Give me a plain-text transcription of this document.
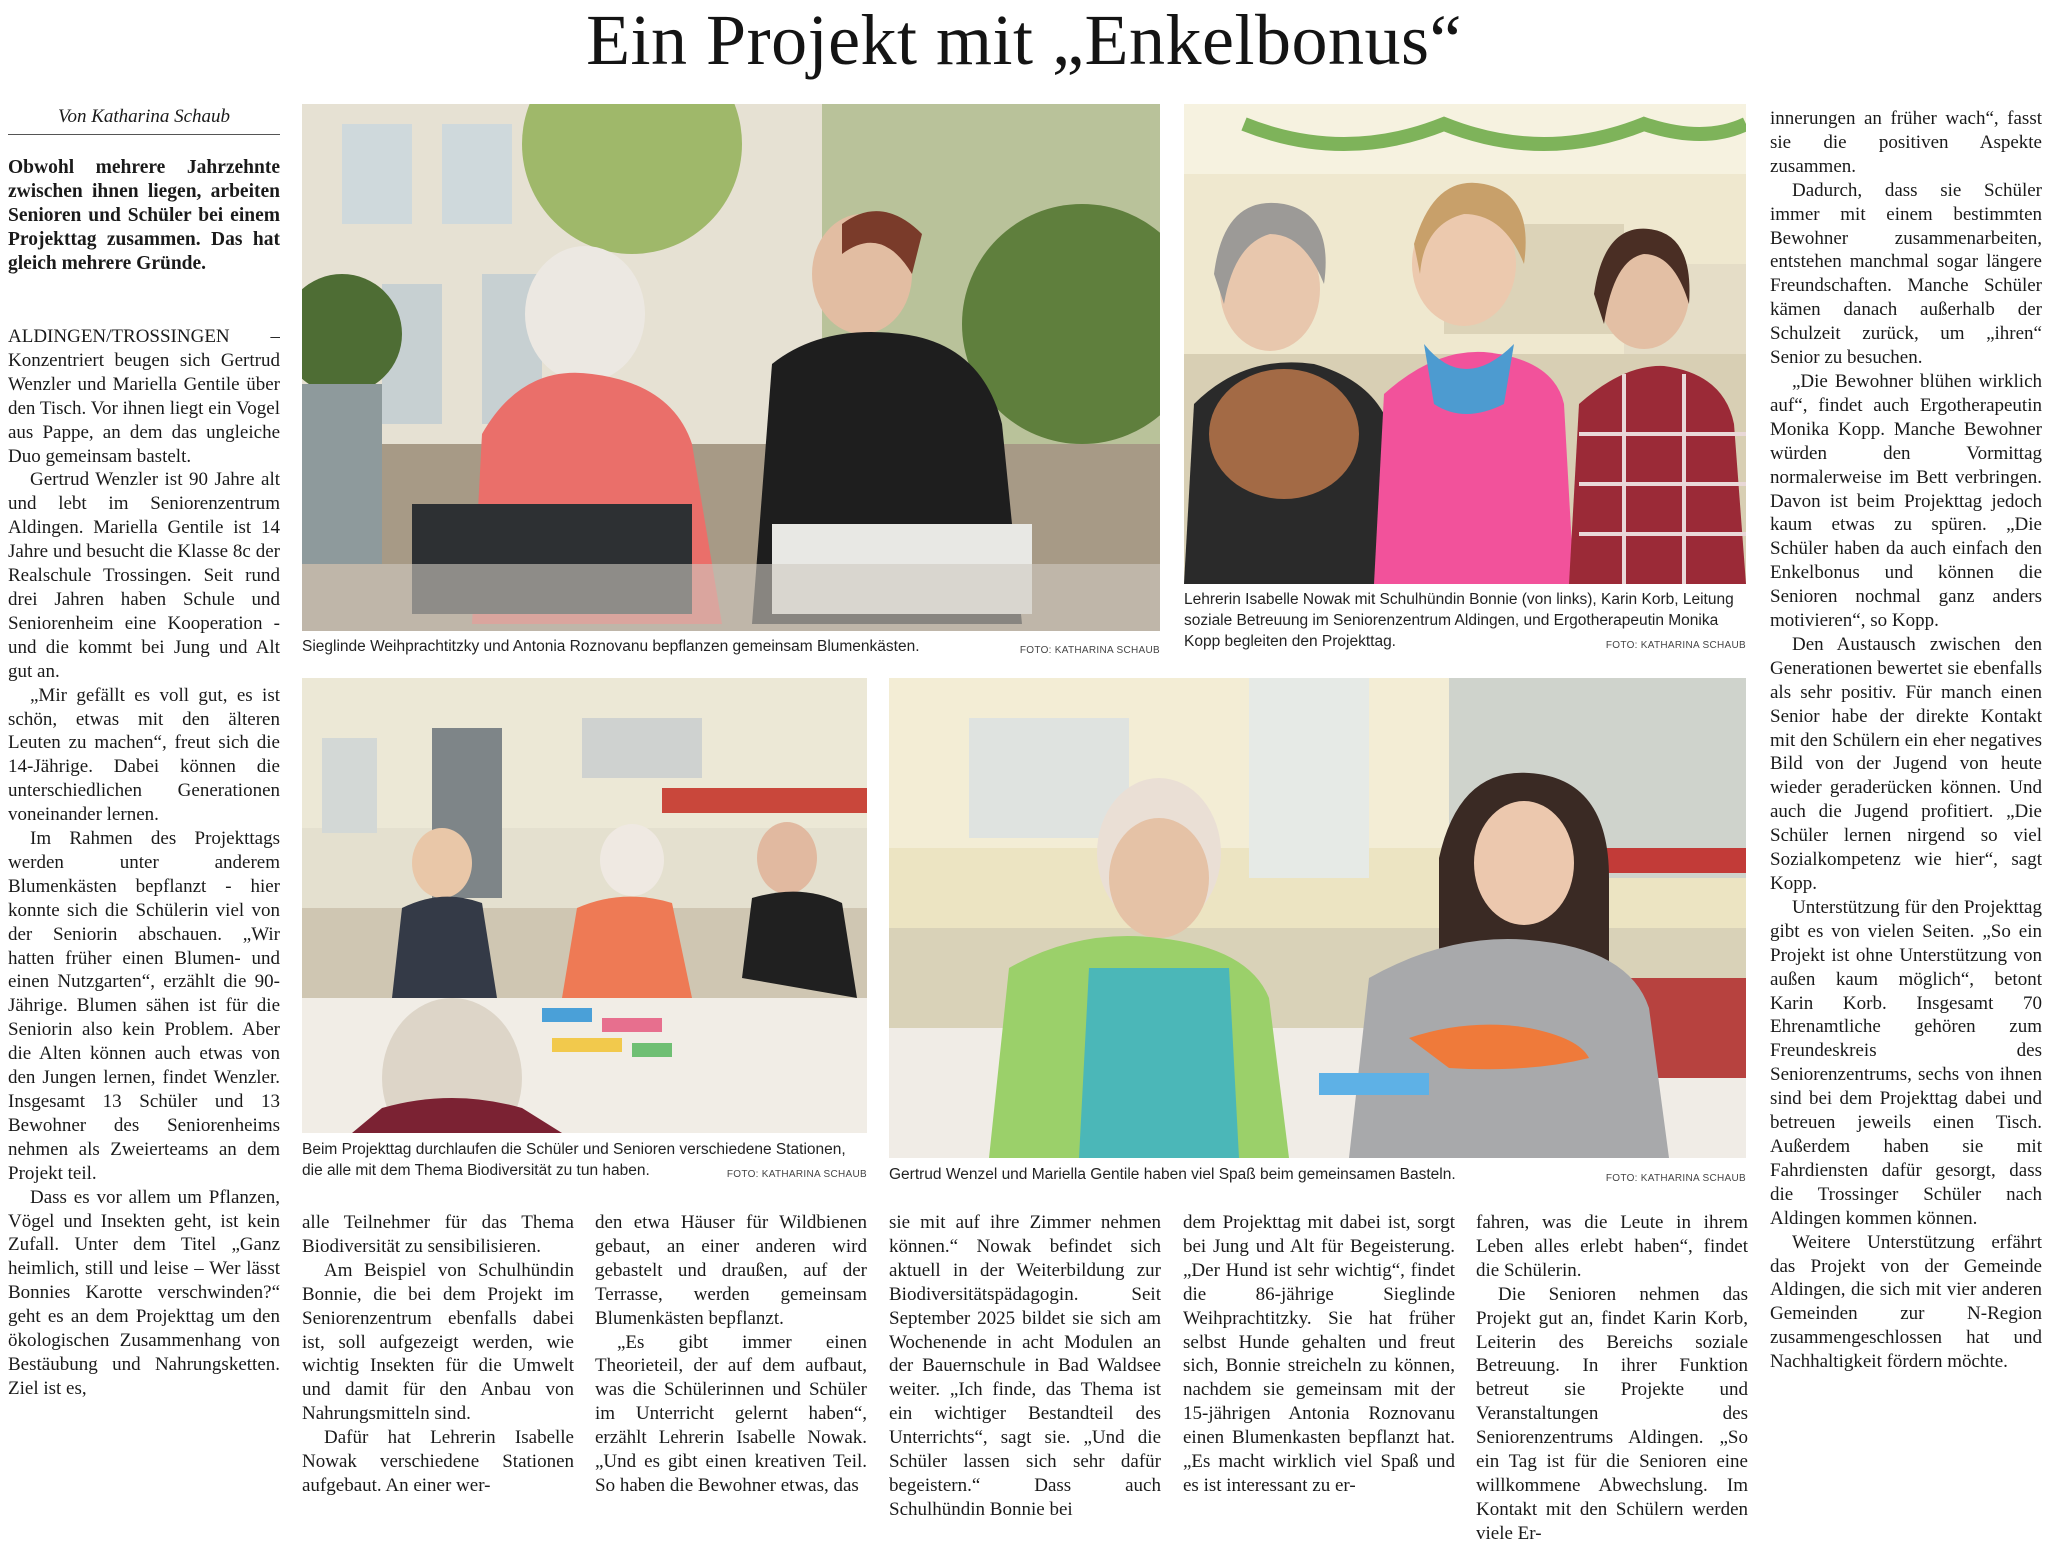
Ein Projekt mit „Enkelbonus“
Von Katharina Schaub
Obwohl mehrere Jahrzehnte zwischen ihnen liegen, arbeiten Senioren und Schüler bei einem Projekttag zusammen. Das hat gleich mehrere Gründe.

ALDINGEN/TROSSINGEN – Konzentriert beugen sich Gertrud Wenzler und Mariella Gentile über den Tisch. Vor ihnen liegt ein Vogel aus Pappe, an dem das ungleiche Duo gemeinsam bastelt.

Gertrud Wenzler ist 90 Jahre alt und lebt im Seniorenzentrum Aldingen. Mariella Gentile ist 14 Jahre und besucht die Klasse 8c der Realschule Trossingen. Seit rund drei Jahren haben Schule und Seniorenheim eine Kooperation - und die kommt bei Jung und Alt gut an.

„Mir gefällt es voll gut, es ist schön, etwas mit den älteren Leuten zu machen“, freut sich die 14-Jährige. Dabei können die unterschiedlichen Generationen voneinander lernen.

Im Rahmen des Projekttags werden unter anderem Blumenkästen bepflanzt - hier konnte sich die Schülerin viel von der Seniorin abschauen. „Wir hatten früher einen Blumen- und einen Nutzgarten“, erzählt die 90-Jährige. Blumen sähen ist für die Seniorin also kein Problem. Aber die Alten können auch etwas von den Jungen lernen, findet Wenzler. Insgesamt 13 Schüler und 13 Bewohner des Seniorenheims nehmen als Zweierteams an dem Projekt teil.

Dass es vor allem um Pflanzen, Vögel und Insekten geht, ist kein Zufall. Unter dem Titel „Ganz heimlich, still und leise – Wer lässt Bonnies Karotte verschwinden?“ geht es an dem Projekttag um den ökologischen Zusammenhang von Bestäubung und Nahrungsketten. Ziel ist es,

Sieglinde Weihprachtitzky und Antonia Roznovanu bepflanzen gemeinsam Blumenkästen.	FOTO: KATHARINA SCHAUB
Lehrerin Isabelle Nowak mit Schulhündin Bonnie (von links), Karin Korb, Leitung soziale Betreuung im Seniorenzentrum Aldingen, und Ergotherapeutin Monika Kopp begleiten den Projekttag.	FOTO: KATHARINA SCHAUB

innerungen an früher wach“, fasst sie die positiven Aspekte zusammen.

Dadurch, dass sie Schüler immer mit einem bestimmten Bewohner zusammenarbeiten, entstehen manchmal sogar längere Freundschaften. Manche Schüler kämen danach außerhalb der Schulzeit zurück, um „ihren“ Senior zu besuchen.

„Die Bewohner blühen wirklich auf“, findet auch Ergotherapeutin Monika Kopp. Manche Bewohner würden den Vormittag normalerweise im Bett verbringen. Davon ist beim Projekttag jedoch kaum etwas zu spüren. „Die Schüler haben da auch einfach den Enkelbonus und können die Senioren nochmal ganz anders motivieren“, so Kopp.

Den Austausch zwischen den Generationen bewertet sie ebenfalls als sehr positiv. Für manch einen Senior habe der direkte Kontakt mit den Schülern ein eher negatives Bild von der Jugend von heute wieder geraderücken können. Und auch die Jugend profitiert. „Die Schüler lernen nirgend so viel Sozialkompetenz wie hier“, sagt Kopp.

Unterstützung für den Projekttag gibt es von vielen Seiten. „So ein Projekt ist ohne Unterstützung von außen kaum möglich“, betont Karin Korb. Insgesamt 70 Ehrenamtliche gehören zum Freundeskreis des Seniorenzentrums, sechs von ihnen sind bei dem Projekttag dabei und betreuen jeweils einen Tisch. Außerdem haben sie mit Fahrdiensten dafür gesorgt, dass die Trossinger Schüler nach Aldingen kommen können.

Weitere Unterstützung erfährt das Projekt von der Gemeinde Aldingen, die sich mit vier anderen Gemeinden zur N-Region zusammengeschlossen hat und Nachhaltigkeit fördern möchte.

Beim Projekttag durchlaufen die Schüler und Senioren verschiedene Stationen, die alle mit dem Thema Biodiversität zu tun haben.	FOTO: KATHARINA SCHAUB Gertrud Wenzel und Mariella Gentile haben viel Spaß beim gemeinsamen Basteln.	FOTO: KATHARINA SCHAUB

alle Teilnehmer für das Thema Biodiversität zu sensibilisieren.

Am Beispiel von Schulhündin Bonnie, die bei dem Projekt im Seniorenzentrum ebenfalls dabei ist, soll aufgezeigt werden, wie wichtig Insekten für die Umwelt und damit für den Anbau von Nahrungsmitteln sind.

Dafür hat Lehrerin Isabelle Nowak verschiedene Stationen aufgebaut. An einer wer-

den etwa Häuser für Wildbienen gebaut, an einer anderen wird gebastelt und draußen, auf der Terrasse, werden gemeinsam Blumenkästen bepflanzt.

„Es gibt immer einen Theorieteil, der auf dem aufbaut, was die Schülerinnen und Schüler im Unterricht gelernt haben“, erzählt Lehrerin Isabelle Nowak. „Und es gibt einen kreativen Teil. So haben die Bewohner etwas, das

sie mit auf ihre Zimmer nehmen können.“ Nowak befindet sich aktuell in der Weiterbildung zur Biodiversitätspädagogin. Seit September 2025 bildet sie sich am Wochenende in acht Modulen an der Bauernschule in Bad Waldsee weiter. „Ich finde, das Thema ist ein wichtiger Bestandteil des Unterrichts“, sagt sie. „Und die Schüler lassen sich sehr dafür begeistern.“ Dass auch Schulhündin Bonnie bei

dem Projekttag mit dabei ist, sorgt bei Jung und Alt für Begeisterung. „Der Hund ist sehr wichtig“, findet die 86-jährige Sieglinde Weihprachtitzky. Sie hat früher selbst Hunde gehalten und freut sich, Bonnie streicheln zu können, nachdem sie gemeinsam mit der 15-jährigen Antonia Roznovanu einen Blumenkasten bepflanzt hat. „Es macht wirklich viel Spaß und es ist interessant zu er-

fahren, was die Leute in ihrem Leben alles erlebt haben“, findet die Schülerin.

Die Senioren nehmen das Projekt gut an, findet Karin Korb, Leiterin des Bereichs soziale Betreuung. In ihrer Funktion betreut sie Projekte und Veranstaltungen des Seniorenzentrums Aldingen. „So ein Tag ist für die Senioren eine willkommene Abwechslung. Im Kontakt mit den Schülern werden viele Er-
